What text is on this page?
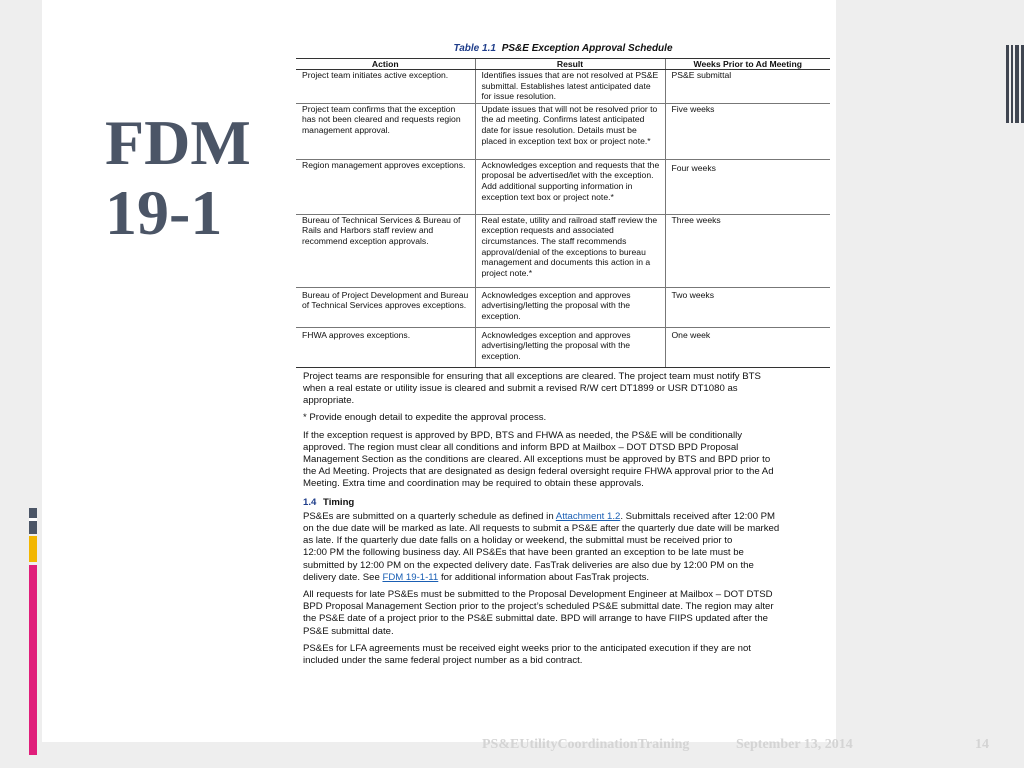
FDM
19-1
Table 1.1 PS&E Exception Approval Schedule
Action	Result	Weeks Prior to Ad Meeting
Project team initiates active exception.	Identifies issues that are not resolved at PS&E submittal. Establishes latest anticipated date for issue resolution.	PS&E submittal
Project team confirms that the exception has not been cleared and requests region management approval.	Update issues that will not be resolved prior to the ad meeting. Confirms latest anticipated date for issue resolution. Details must be placed in exception text box or project note.*	Five weeks
Region management approves exceptions.	Acknowledges exception and requests that the proposal be advertised/let with the exception. Add additional supporting information in exception text box or project note.*	Four weeks
Bureau of Technical Services & Bureau of Rails and Harbors staff review and recommend exception approvals.	Real estate, utility and railroad staff review the exception requests and associated circumstances. The staff recommends approval/denial of the exceptions to bureau management and documents this action in a project note.*	Three weeks
Bureau of Project Development and Bureau of Technical Services approves exceptions.	Acknowledges exception and approves advertising/letting the proposal with the exception.	Two weeks
FHWA approves exceptions.	Acknowledges exception and approves advertising/letting the proposal with the exception.	One week

Project teams are responsible for ensuring that all exceptions are cleared. The project team must notify BTS when a real estate or utility issue is cleared and submit a revised R/W cert DT1899 or USR DT1080 as appropriate.

* Provide enough detail to expedite the approval process.

If the exception request is approved by BPD, BTS and FHWA as needed, the PS&E will be conditionally approved. The region must clear all conditions and inform BPD at Mailbox – DOT DTSD BPD Proposal Management Section as the conditions are cleared. All exceptions must be approved by BTS and BPD prior to the Ad Meeting. Projects that are designated as design federal oversight require FHWA approval prior to the Ad Meeting. Extra time and coordination may be required to obtain these approvals.

1.4 Timing

PS&Es are submitted on a quarterly schedule as defined in Attachment 1.2. Submittals received after 12:00 PM on the due date will be marked as late. All requests to submit a PS&E after the quarterly due date will be marked as late. If the quarterly due date falls on a holiday or weekend, the submittal must be received prior to
12:00 PM the following business day. All PS&Es that have been granted an exception to be late must be submitted by 12:00 PM on the expected delivery date. FasTrak deliveries are also due by 12:00 PM on the delivery date. See FDM 19-1-11 for additional information about FasTrak projects.

All requests for late PS&Es must be submitted to the Proposal Development Engineer at Mailbox – DOT DTSD BPD Proposal Management Section prior to the project’s scheduled PS&E submittal date. The region may alter the PS&E date of a project prior to the PS&E submittal date. BPD will arrange to have FIIPS updated after the PS&E submittal date.

PS&Es for LFA agreements must be received eight weeks prior to the anticipated execution if they are not included under the same federal project number as a bid contract.

PS&EUtilityCoordinationTraining	September 13, 2014	14
